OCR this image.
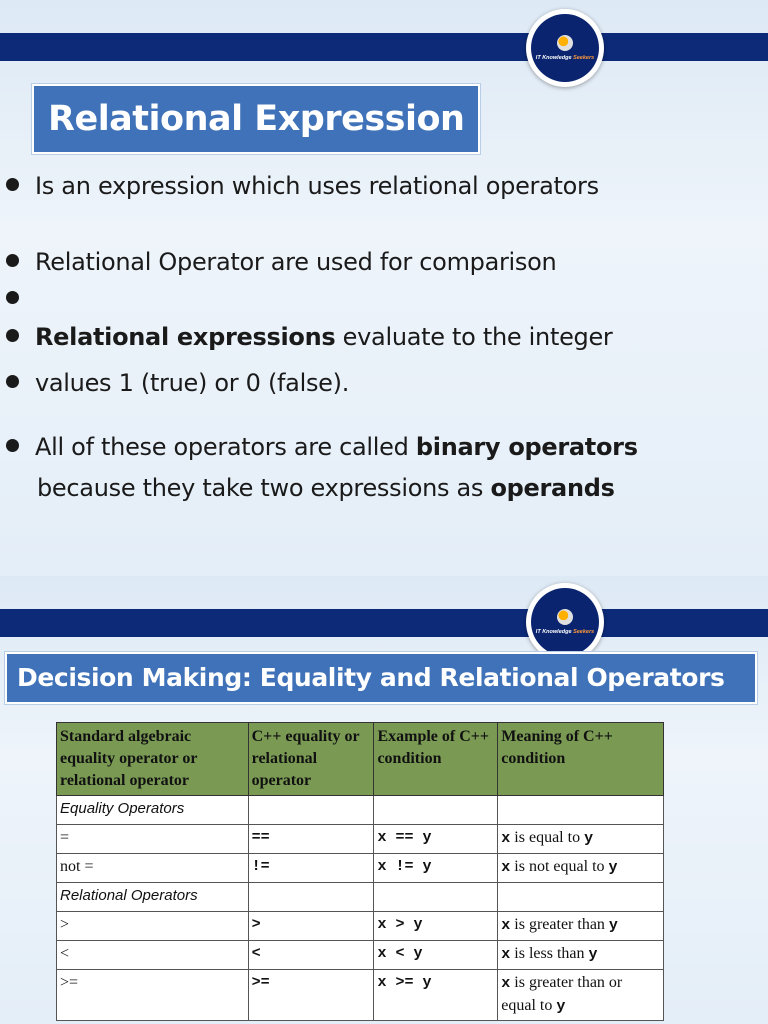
IT Knowledge Seekers
Relational Expression
Is an expression which uses relational operators
Relational Operator are used for comparison
Relational expressions evaluate to the integer
values 1 (true) or 0 (false).
All of these operators are called binary operators
because they take two expressions as operands
IT Knowledge Seekers
Decision Making: Equality and Relational Operators
Standard algebraic equality operator or relational operator	C++ equality or relational operator	Example of C++ condition	Meaning of C++ condition
Equality Operators			
=	==	x == y	x is equal to y
not =	!=	x != y	x is not equal to y
Relational Operators			
>	>	x > y	x is greater than y
<	<	x < y	x is less than y
>=	>=	x >= y	x is greater than or equal to y
